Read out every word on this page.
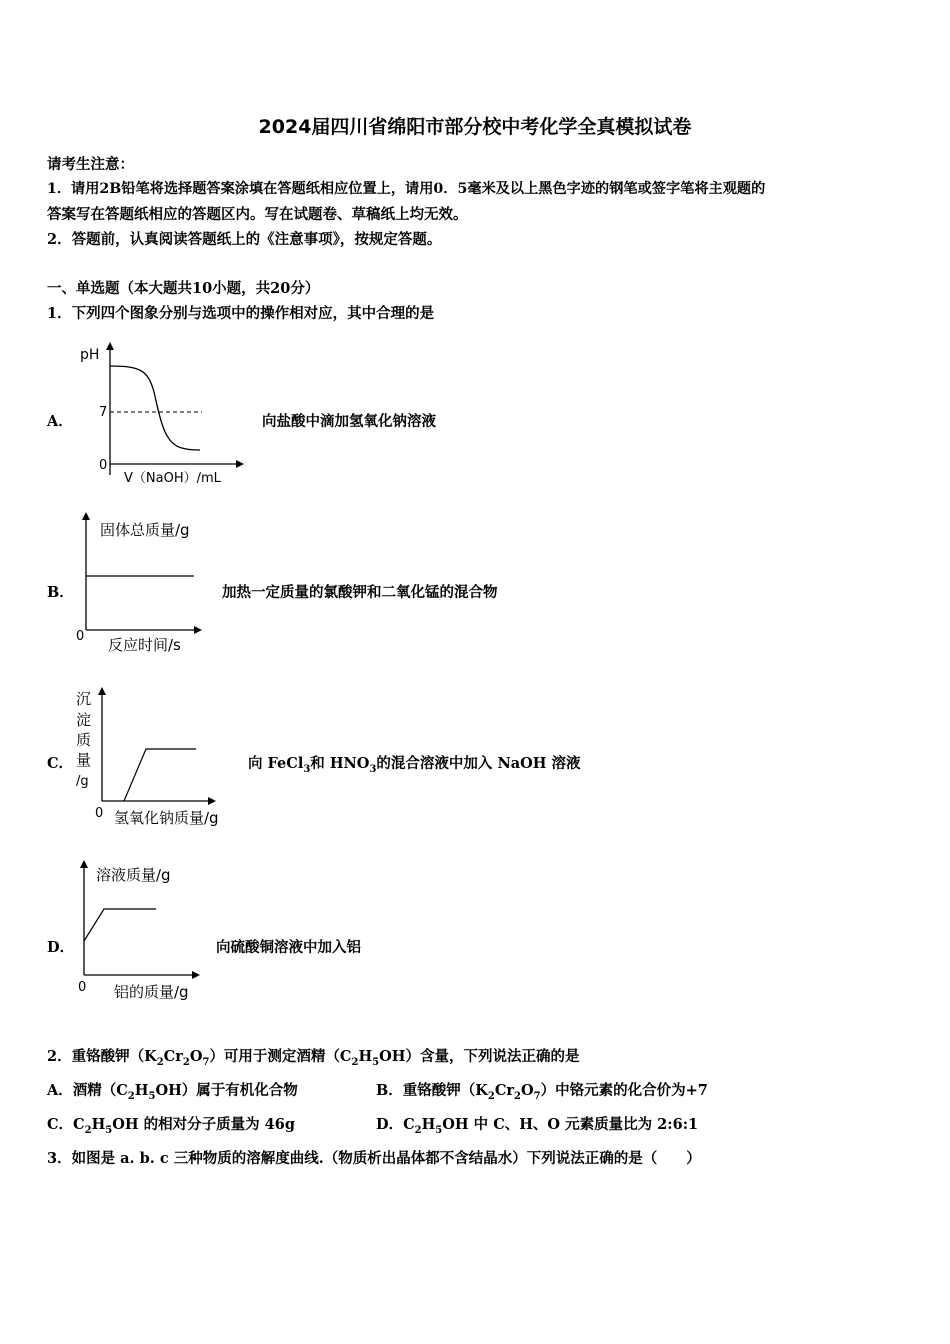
2024届四川省绵阳市部分校中考化学全真模拟试卷
请考生注意：
1．请用2B铅笔将选择题答案涂填在答题纸相应位置上，请用0．5毫米及以上黑色字迹的钢笔或签字笔将主观题的
答案写在答题纸相应的答题区内。写在试题卷、草稿纸上均无效。
2．答题前，认真阅读答题纸上的《注意事项》，按规定答题。
一、单选题（本大题共10小题，共20分）
1．下列四个图象分别与选项中的操作相对应，其中合理的是
A．
pH
7
0
V（NaOH）/mL
向盐酸中滴加氢氧化钠溶液
B．
固体总质量/g
0 反应时间/s
加热一定质量的氯酸钾和二氧化锰的混合物
C．
沉
淀
质
量
/g
0 氢氧化钠质量/g
向 FeCl$_3$和 $HNO_3$的混合溶液中加入 NaOH 溶液
D．
溶液质量/g
0 铝的质量/g
向硫酸铜溶液中加入铝
2．重铬酸钾$(K_2Cr_2O_7)$可用于测定酒精$(C_2H_5OH)$含量，下列说法正确的是
A．酒精$(C_2H_5OH)$属于有机化合物	B．重铬酸钾$(K_2Cr_2O_7)$中铬元素的化合价为+7
C．$C_2H_5OH$ 的相对分子质量为 46g	D．$C_2H_5OH$ 中 C、H、O 元素质量比为 2:6:1
3．如图是 a. b. c 三种物质的溶解度曲线.（物质析出晶体都不含结晶水）下列说法正确的是（　　）
